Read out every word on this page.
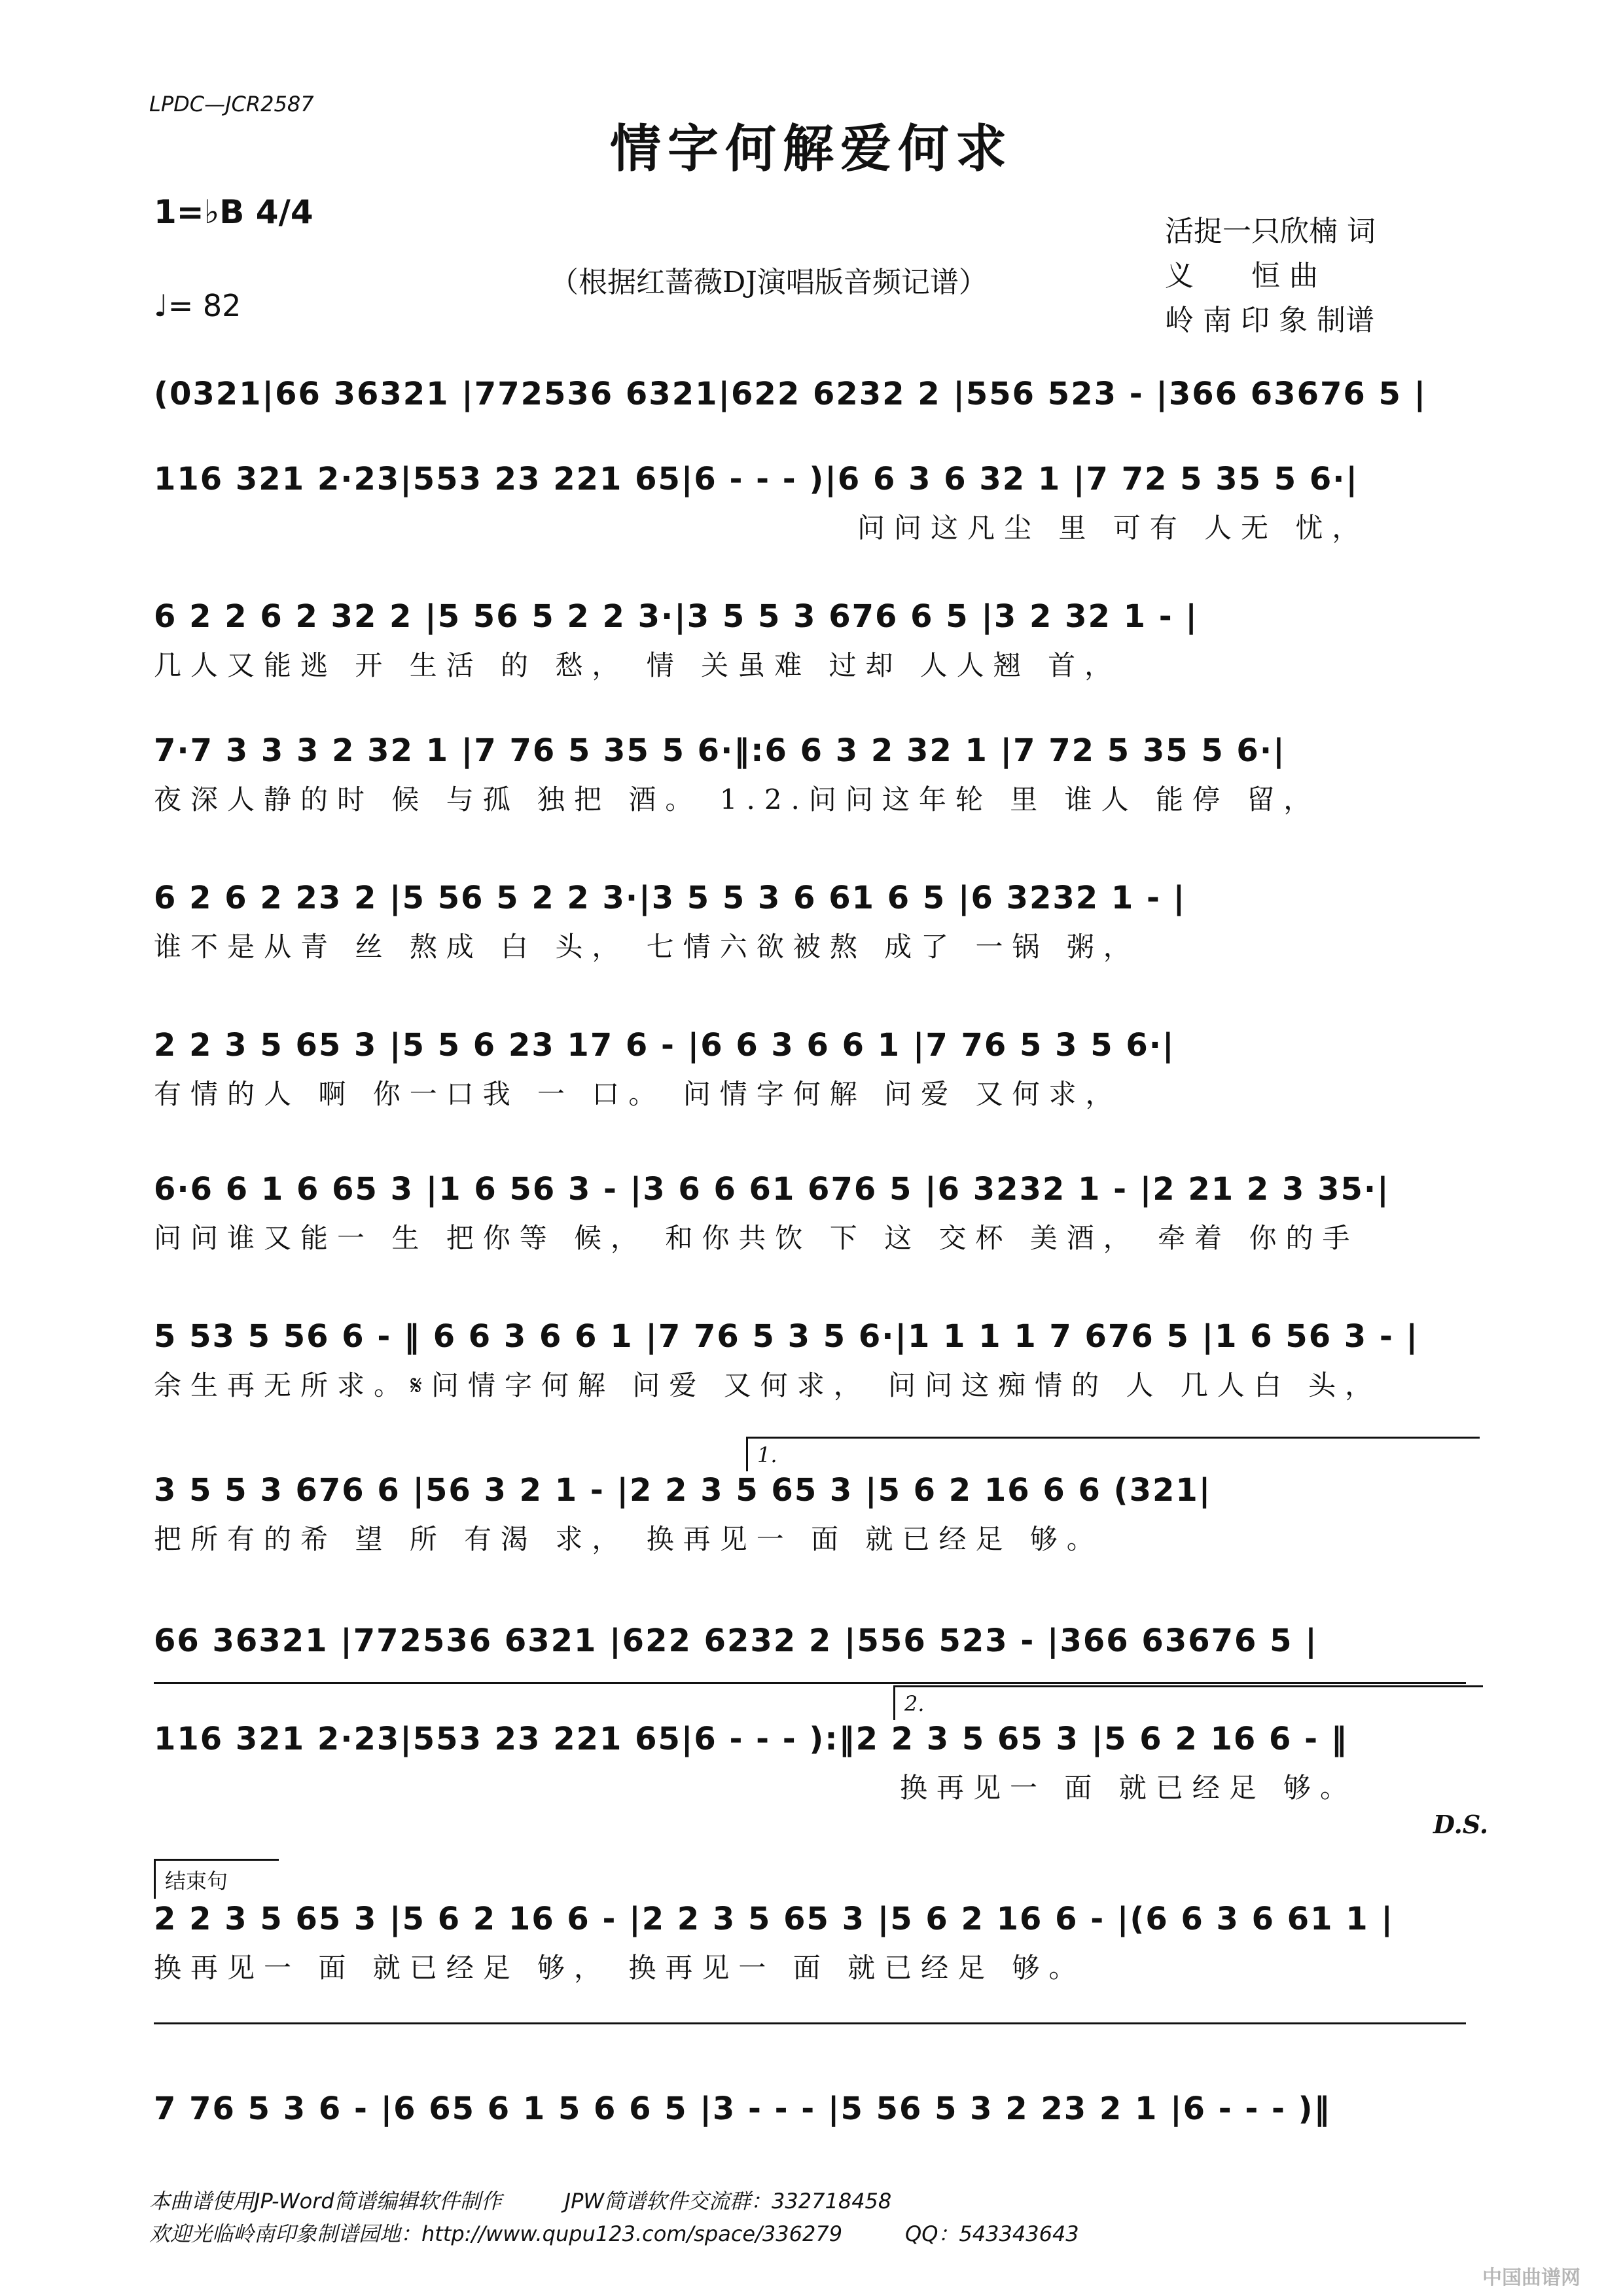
LPDC—JCR2587
情字何解爱何求
1=♭B 4/4
♩= 82
（根据红蔷薇DJ演唱版音频记谱）
活捉一只欣楠 词
义　　恒 曲
岭 南 印 象 制谱
(0321|66 36321 |772536 6321|622 6232 2 |556 523 - |366 63676 5 |
116 321 2·23|553 23 221 65|6 - - - )|6 6 3 6 32 1 |7 72 5 35 5 6·|
问问这凡尘 里 可有 人无 忧，
6 2 2 6 2 32 2 |5 56 5 2 2 3·|3 5 5 3 676 6 5 |3 2 32 1 - |
几人又能逃 开 生活 的 愁， 情 关虽难 过却 人人翘 首，
7·7 3 3 3 2 32 1 |7 76 5 35 5 6·‖:6 6 3 2 32 1 |7 72 5 35 5 6·|
夜深人静的时 候 与孤 独把 酒。 1.2.问问这年轮 里 谁人 能停 留，
6 2 6 2 23 2 |5 56 5 2 2 3·|3 5 5 3 6 61 6 5 |6 3232 1 - |
谁不是从青 丝 熬成 白 头， 七情六欲被熬 成了 一锅 粥，
2 2 3 5 65 3 |5 5 6 23 17 6 - |6 6 3 6 6 1 |7 76 5 3 5 6·|
有情的人 啊 你一口我 一 口。 问情字何解 问爱 又何求，
6·6 6 1 6 65 3 |1 6 56 3 - |3 6 6 61 676 5 |6 3232 1 - |2 21 2 3 35·|
问问谁又能一 生 把你等 候， 和你共饮 下 这 交杯 美酒， 牵着 你的手
5 53 5 56 6 - ‖ 6 6 3 6 6 1 |7 76 5 3 5 6·|1 1 1 1 7 676 5 |1 6 56 3 - |
余生再无所求。𝄋问情字何解 问爱 又何求， 问问这痴情的 人 几人白 头，
1.
3 5 5 3 676 6 |56 3 2 1 - |2 2 3 5 65 3 |5 6 2 16 6 6 (321|
把所有的希 望 所 有渴 求， 换再见一 面 就已经足 够。
66 36321 |772536 6321 |622 6232 2 |556 523 - |366 63676 5 |
2.
116 321 2·23|553 23 221 65|6 - - - ):‖2 2 3 5 65 3 |5 6 2 16 6 - ‖
换再见一 面 就已经足 够。
D.S.
结束句
2 2 3 5 65 3 |5 6 2 16 6 - |2 2 3 5 65 3 |5 6 2 16 6 - |(6 6 3 6 61 1 |
换再见一 面 就已经足 够， 换再见一 面 就已经足 够。
7 76 5 3 6 - |6 65 6 1 5 6 6 5 |3 - - - |5 56 5 3 2 23 2 1 |6 - - - )‖
本曲谱使用JP-Word简谱编辑软件制作　　　JPW简谱软件交流群：332718458
欢迎光临岭南印象制谱园地：http://www.qupu123.com/space/336279　　　QQ：543343643
中国曲谱网
